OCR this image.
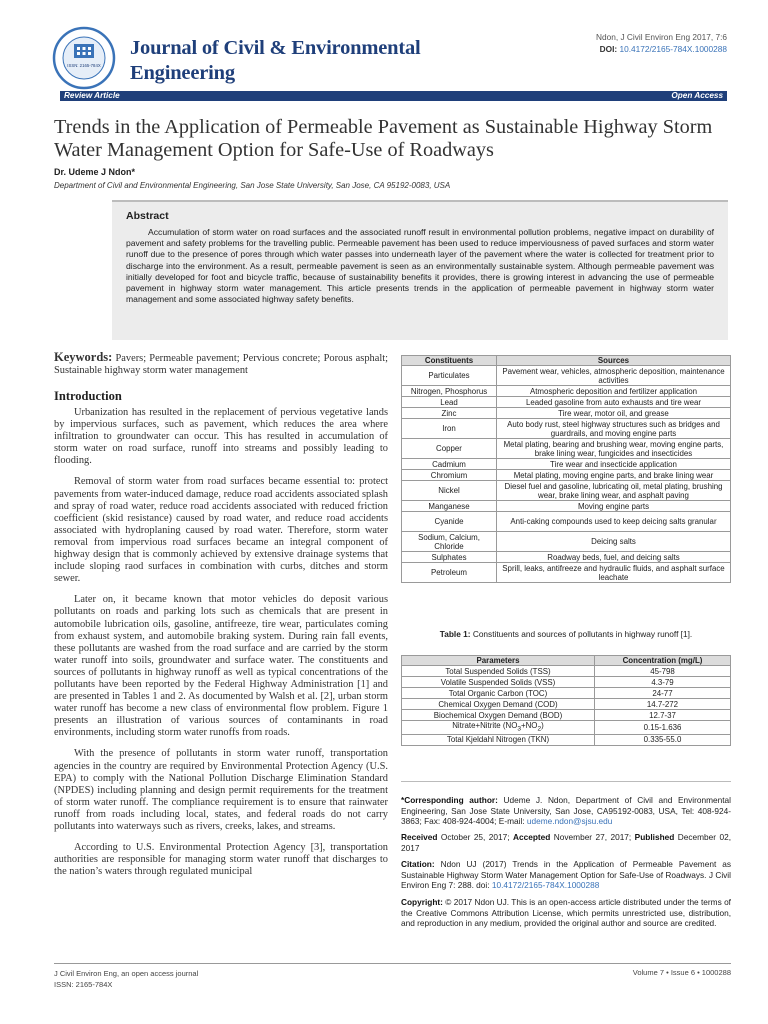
ISSN: 2165-784X
Journal of Civil & Environmental
Engineering
Ndon, J Civil Environ Eng 2017, 7:6
DOI: 10.4172/2165-784X.1000288
Review Article	Open Access
Trends in the Application of Permeable Pavement as Sustainable Highway Storm Water Management Option for Safe-Use of Roadways
Dr. Udeme J Ndon*
Department of Civil and Environmental Engineering, San Jose State University, San Jose, CA 95192-0083, USA
Abstract
Accumulation of storm water on road surfaces and the associated runoff result in environmental pollution problems, negative impact on durability of pavement and safety problems for the travelling public. Permeable pavement has been used to reduce imperviousness of paved surfaces and storm water runoff due to the presence of pores through which water passes into underneath layer of the pavement where the water is collected for treatment prior to discharge into the environment. As a result, permeable pavement is seen as an environmentally sustainable system. Although permeable pavement was initially developed for foot and bicycle traffic, because of sustainability benefits it provides, there is growing interest in advancing the use of permeable pavement in highway storm water management. This article presents trends in the application of permeable pavement in highway storm water management and some associated highway safety benefits.
Keywords: Pavers; Permeable pavement; Pervious concrete; Porous asphalt; Sustainable highway storm water management
Introduction

Urbanization has resulted in the replacement of pervious vegetative lands by impervious surfaces, such as pavement, which reduces the area where infiltration to groundwater can occur. This has resulted in accumulation of storm water on road surface, runoff into streams and possibly leading to flooding.

Removal of storm water from road surfaces became essential to: protect pavements from water-induced damage, reduce road accidents associated splash and spray of road water, reduce road accidents associated with reduced friction coefficient (skid resistance) caused by road water, and reduce road accidents associated with hydroplaning caused by road water. Therefore, storm water removal from impervious road surfaces became an integral component of highway design that is commonly achieved by extensive drainage systems that include sloping raod surfaces in combination with curbs, ditches and storm sewer.

Later on, it became known that motor vehicles do deposit various pollutants on roads and parking lots such as chemicals that are present in automobile lubrication oils, gasoline, antifreeze, tire wear, particulates coming from exhaust system, and automobile braking system. During rain fall events, these pollutants are washed from the road surface and are carried by the storm water runoff into soils, groundwater and surface water. The constituents and sources of pollutants in highway runoff as well as typical concentrations of the pollutants have been reported by the Federal Highway Administration [1] and are presented in Tables 1 and 2. As documented by Walsh et al. [2], urban storm water runoff has become a new class of environmental flow problem. Figure 1 presents an illustration of various sources of contaminants in road environments, including storm water runoffs from roads.

With the presence of pollutants in storm water runoff, transportation agencies in the country are required by Environmental Protection Agency (U.S. EPA) to comply with the National Pollution Discharge Elimination Standard (NPDES) including planning and design permit requirements for the treatment of storm water runoff. The compliance requirement is to ensure that rainwater runoff from roads including local, states, and federal roads do not carry pollutants into waterways such as rivers, creeks, lakes, and streams.

According to U.S. Environmental Protection Agency [3], transportation authorities are responsible for managing storm water runoff that discharges to the nation’s waters through regulated municipal

Constituents	Sources
Particulates	Pavement wear, vehicles, atmospheric deposition, maintenance activities
Nitrogen, Phosphorus	Atmospheric deposition and fertilizer application
Lead	Leaded gasoline from auto exhausts and tire wear
Zinc	Tire wear, motor oil, and grease
Iron	Auto body rust, steel highway structures such as bridges and guardrails, and moving engine parts
Copper	Metal plating, bearing and brushing wear, moving engine parts, brake lining wear, fungicides and insecticides
Cadmium	Tire wear and insecticide application
Chromium	Metal plating, moving engine parts, and brake lining wear
Nickel	Diesel fuel and gasoline, lubricating oil, metal plating, brushing wear, brake lining wear, and asphalt paving
Manganese	Moving engine parts
Cyanide	Anti-caking compounds used to keep deicing salts granular
Sodium, Calcium, Chloride	Deicing salts
Sulphates	Roadway beds, fuel, and deicing salts
Petroleum	Sprill, leaks, antifreeze and hydraulic fluids, and asphalt surface leachate
Table 1: Constituents and sources of pollutants in highway runoff [1].
Parameters	Concentration (mg/L)
Total Suspended Solids (TSS)	45-798
Volatile Suspended Solids (VSS)	4.3-79
Total Organic Carbon (TOC)	24-77
Chemical Oxygen Demand (COD)	14.7-272
Biochemical Oxygen Demand (BOD)	12.7-37
Nitrate+Nitrite $(NO_3+NO_2)$	0.15-1.636
Total Kjeldahl Nitrogen (TKN)	0.335-55.0
*Corresponding author: Udeme J. Ndon, Department of Civil and Environmental Engineering, San Jose State University, San Jose, CA95192-0083, USA, Tel: 408-924-3863; Fax: 408-924-4004; E-mail: udeme.ndon@sjsu.edu
Received October 25, 2017; Accepted November 27, 2017; Published December 02, 2017
Citation: Ndon UJ (2017) Trends in the Application of Permeable Pavement as Sustainable Highway Storm Water Management Option for Safe-Use of Roadways. J Civil Environ Eng 7: 288. doi: 10.4172/2165-784X.1000288
Copyright: © 2017 Ndon UJ. This is an open-access article distributed under the terms of the Creative Commons Attribution License, which permits unrestricted use, distribution, and reproduction in any medium, provided the original author and source are credited.
J Civil Environ Eng, an open access journal
ISSN: 2165-784X
Volume 7 • Issue 6 • 1000288
